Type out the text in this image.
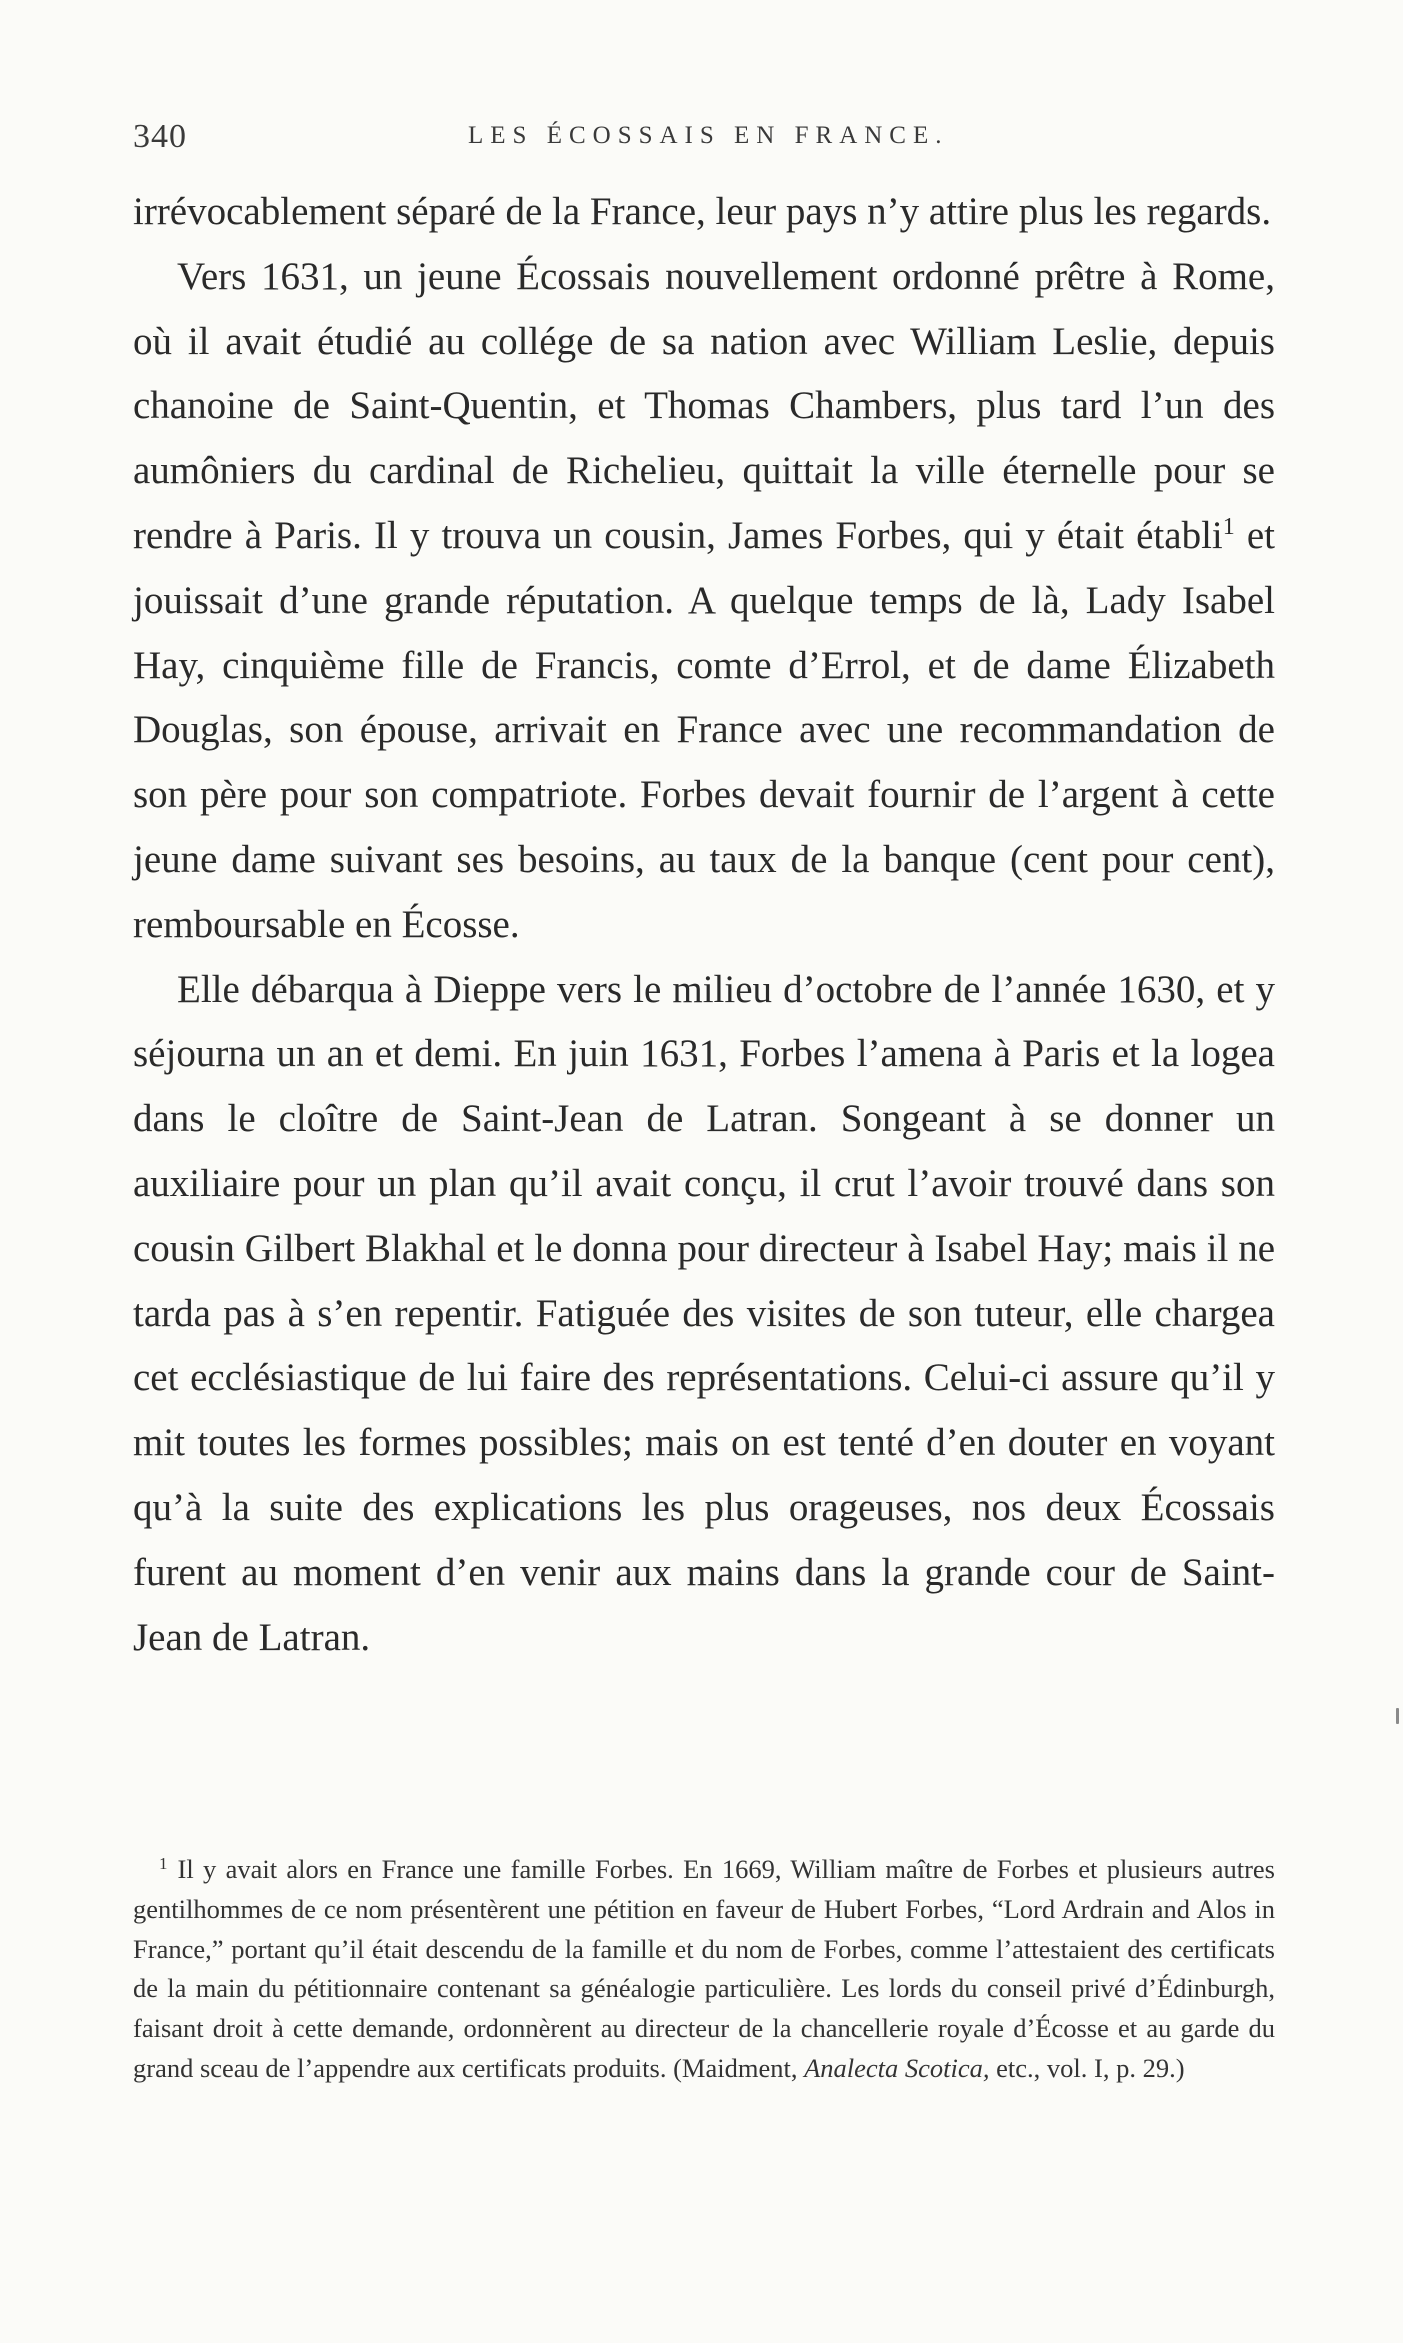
340	LES ÉCOSSAIS EN FRANCE.

irrévocablement séparé de la France, leur pays n’y attire plus les regards.

Vers 1631, un jeune Écossais nouvellement ordonné prêtre à Rome, où il avait étudié au collége de sa nation avec William Leslie, depuis chanoine de Saint-Quentin, et Thomas Chambers, plus tard l’un des aumôniers du cardinal de Richelieu, quittait la ville éternelle pour se rendre à Paris. Il y trouva un cousin, James Forbes, qui y était établi$^1$ et jouissait d’une grande réputation. A quelque temps de là, Lady Isabel Hay, cinquième fille de Francis, comte d’Errol, et de dame Élizabeth Douglas, son épouse, arrivait en France avec une recommandation de son père pour son compatriote. Forbes devait fournir de l’argent à cette jeune dame suivant ses besoins, au taux de la banque (cent pour cent), remboursable en Écosse.

Elle débarqua à Dieppe vers le milieu d’octobre de l’année 1630, et y séjourna un an et demi. En juin 1631, Forbes l’amena à Paris et la logea dans le cloître de Saint-Jean de Latran. Songeant à se donner un auxiliaire pour un plan qu’il avait conçu, il crut l’avoir trouvé dans son cousin Gilbert Blakhal et le donna pour directeur à Isabel Hay; mais il ne tarda pas à s’en repentir. Fatiguée des visites de son tuteur, elle chargea cet ecclésiastique de lui faire des représentations. Celui-ci assure qu’il y mit toutes les formes possibles; mais on est tenté d’en douter en voyant qu’à la suite des explications les plus orageuses, nos deux Écossais furent au moment d’en venir aux mains dans la grande cour de Saint-Jean de Latran.

$^1$ Il y avait alors en France une famille Forbes. En 1669, William maître de Forbes et plusieurs autres gentilhommes de ce nom présentèrent une pétition en faveur de Hubert Forbes, “Lord Ardrain and Alos in France,” portant qu’il était descendu de la famille et du nom de Forbes, comme l’attestaient des certificats de la main du pétitionnaire contenant sa généalogie particulière. Les lords du conseil privé d’Édinburgh, faisant droit à cette demande, ordonnèrent au directeur de la chancellerie royale d’Écosse et au garde du grand sceau de l’appendre aux certificats produits. (Maidment, Analecta Scotica, etc., vol. I, p. 29.)
